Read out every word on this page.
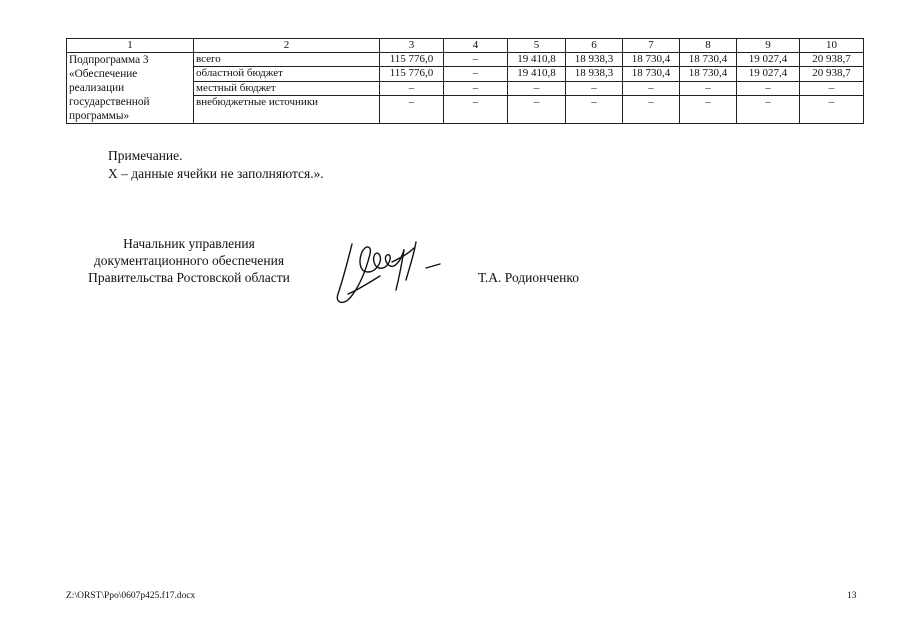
1	2	3	4	5	6	7	8	9	10

Подпрограмма 3
«Обеспечение
реализации
государственной
программы»	всего	115 776,0	–	19 410,8	18 938,3	18 730,4	18 730,4	19 027,4	20 938,7
	областной бюджет	115 776,0	–	19 410,8	18 938,3	18 730,4	18 730,4	19 027,4	20 938,7
	местный бюджет	–	–	–	–	–	–	–	–
	внебюджетные источники	–	–	–	–	–	–	–	–
Примечание.
Х – данные ячейки не заполняются.».
Начальник управления
документационного обеспечения
Правительства Ростовской области	Т.А. Родионченко
Z:\ORST\Ppo\0607p425.f17.docx	13
